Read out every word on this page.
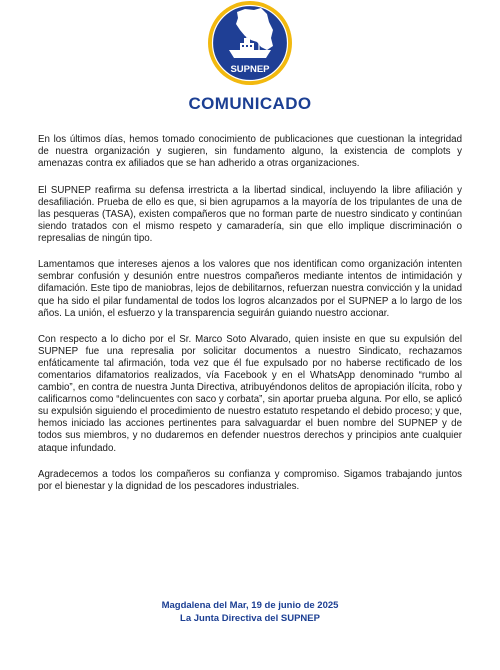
SUPNEP
COMUNICADO

En los últimos días, hemos tomado conocimiento de publicaciones que cuestionan la integridad de nuestra organización y sugieren, sin fundamento alguno, la existencia de complots y amenazas contra ex afiliados que se han adherido a otras organizaciones.

El SUPNEP reafirma su defensa irrestricta a la libertad sindical, incluyendo la libre afiliación y desafiliación. Prueba de ello es que, si bien agrupamos a la mayoría de los tripulantes de una de las pesqueras (TASA), existen compañeros que no forman parte de nuestro sindicato y continúan siendo tratados con el mismo respeto y camaradería, sin que ello implique discriminación o represalias de ningún tipo.

Lamentamos que intereses ajenos a los valores que nos identifican como organización intenten sembrar confusión y desunión entre nuestros compañeros mediante intentos de intimidación y difamación. Este tipo de maniobras, lejos de debilitarnos, refuerzan nuestra convicción y la unidad que ha sido el pilar fundamental de todos los logros alcanzados por el SUPNEP a lo largo de los años. La unión, el esfuerzo y la transparencia seguirán guiando nuestro accionar.

Con respecto a lo dicho por el Sr. Marco Soto Alvarado, quien insiste en que su expulsión del SUPNEP fue una represalia por solicitar documentos a nuestro Sindicato, rechazamos enfáticamente tal afirmación, toda vez que él fue expulsado por no haberse rectificado de los comentarios difamatorios realizados, vía Facebook y en el WhatsApp denominado “rumbo al cambio”, en contra de nuestra Junta Directiva, atribuyéndonos delitos de apropiación ilícita, robo y calificarnos como “delincuentes con saco y corbata”, sin aportar prueba alguna. Por ello, se aplicó su expulsión siguiendo el procedimiento de nuestro estatuto respetando el debido proceso; y que, hemos iniciado las acciones pertinentes para salvaguardar el buen nombre del SUPNEP y de todos sus miembros, y no dudaremos en defender nuestros derechos y principios ante cualquier ataque infundado.

Agradecemos a todos los compañeros su confianza y compromiso. Sigamos trabajando juntos por el bienestar y la dignidad de los pescadores industriales.

Magdalena del Mar, 19 de junio de 2025
La Junta Directiva del SUPNEP
